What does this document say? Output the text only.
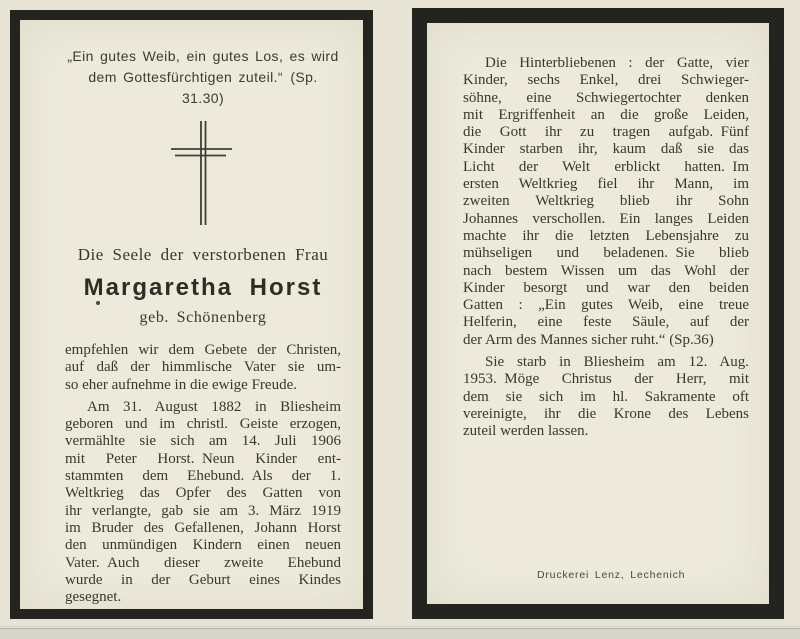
„Ein gutes Weib, ein gutes Los, es wird
dem Gottesfürchtigen zuteil.“ (Sp. 31.30)
Die Seele der verstorbenen Frau
Margaretha Horst
geb. Schönenberg
empfehlen wir dem Gebete der Christen,
auf daß der himmlische Vater sie um-
so eher aufnehme in die ewige Freude.
Am 31. August 1882 in Bliesheim
geboren und im christl. Geiste erzogen,
vermählte sie sich am 14. Juli 1906
mit Peter Horst. Neun Kinder ent-
stammten dem Ehebund. Als der 1.
Weltkrieg das Opfer des Gatten von
ihr verlangte, gab sie am 3. März 1919
im Bruder des Gefallenen, Johann Horst
den unmündigen Kindern einen neuen
Vater. Auch dieser zweite Ehebund
wurde in der Geburt eines Kindes
gesegnet.
Die Hinterbliebenen : der Gatte, vier
Kinder, sechs Enkel, drei Schwieger-
söhne, eine Schwiegertochter denken
mit Ergriffenheit an die große Leiden,
die Gott ihr zu tragen aufgab. Fünf
Kinder starben ihr, kaum daß sie das
Licht der Welt erblickt hatten. Im
ersten Weltkrieg fiel ihr Mann, im
zweiten Weltkrieg blieb ihr Sohn
Johannes verschollen. Ein langes Leiden
machte ihr die letzten Lebensjahre zu
mühseligen und beladenen. Sie blieb
nach bestem Wissen um das Wohl der
Kinder besorgt und war den beiden
Gatten : „Ein gutes Weib, eine treue
Helferin, eine feste Säule, auf der
der Arm des Mannes sicher ruht.“ (Sp.36)
Sie starb in Bliesheim am 12. Aug.
1953. Möge Christus der Herr, mit
dem sie sich im hl. Sakramente oft
vereinigte, ihr die Krone des Lebens
zuteil werden lassen.
Druckerei Lenz, Lechenich
